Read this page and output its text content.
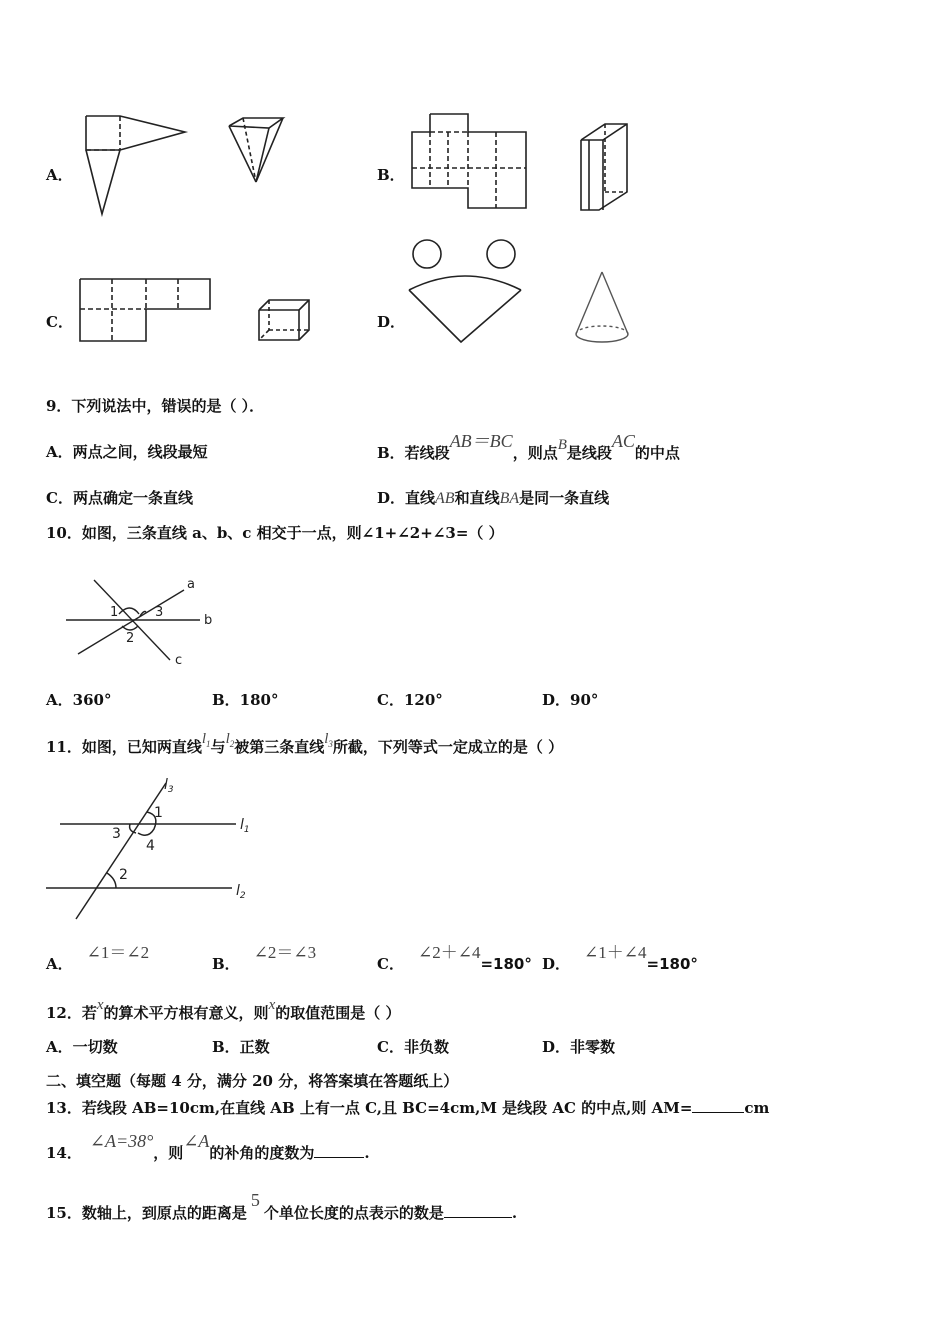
A．	B．
C．	D．
9．下列说法中，错误的是（ ）．
A．两点之间，线段最短	B．若线段AB＝BC，则点B是线段AC的中点
C．两点确定一条直线	D．直线AB和直线BA是同一条直线
10．如图，三条直线 a、b、c 相交于一点，则∠1+∠2+∠3=（ ）
a
b
c
1
2
3
A．360°	B．180°	C．120°	D．90°
11．如图，已知两直线$l_1$与$l_2$被第三条直线$l_3$所截，下列等式一定成立的是（ ）
$l_3$
$l_1$
$l_2$
1
2
3
4
A．∠1＝∠2
B．∠2＝∠3
C．∠2＋∠4=180° D．∠1＋∠4=180°
12．若x的算术平方根有意义，则x的取值范围是（ ）
A．一切数	B．正数	C．非负数	D．非零数
二、填空题（每题 4 分，满分 20 分，将答案填在答题纸上）
13．若线段 AB=10cm,在直线 AB 上有一点 C,且 BC=4cm,M 是线段 AC 的中点,则 AM=	cm
14．∠A=38°，则∠A的补角的度数为	.
15．数轴上，到原点的距离是5个单位长度的点表示的数是	.
